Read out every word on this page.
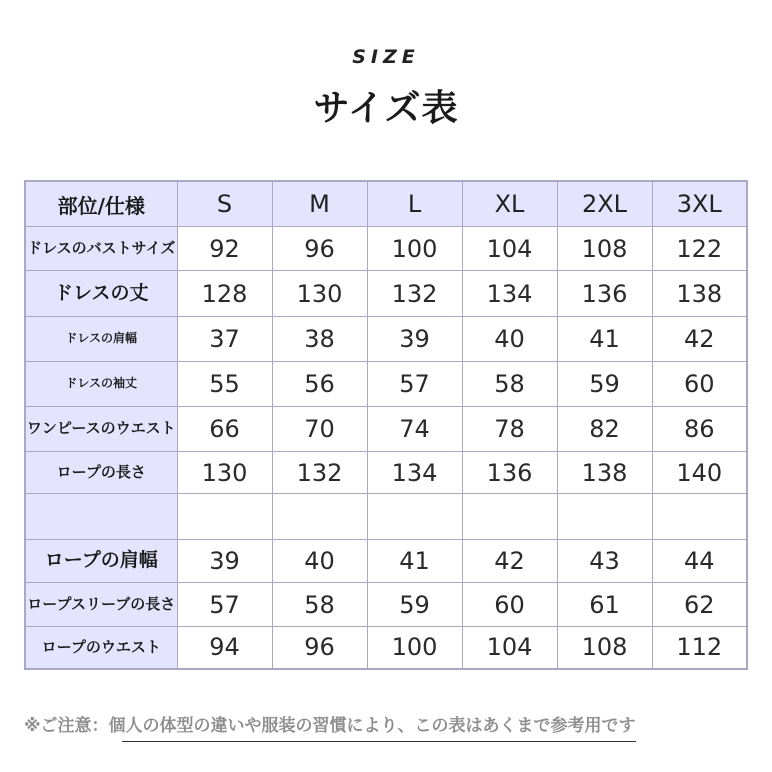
SIZE
サイズ表
部位/仕様	S	M	L	XL	2XL	3XL
ドレスのバストサイズ	92	96	100	104	108	122
ドレスの丈	128	130	132	134	136	138
ドレスの肩幅	37	38	39	40	41	42
ドレスの袖丈	55	56	57	58	59	60
ワンピースのウエスト	66	70	74	78	82	86
ロープの長さ	130	132	134	136	138	140

ロープの肩幅	39	40	41	42	43	44
ロープスリーブの長さ	57	58	59	60	61	62
ロープのウエスト	94	96	100	104	108	112
※ご注意：個人の体型の違いや服装の習慣により、この表はあくまで参考用です
